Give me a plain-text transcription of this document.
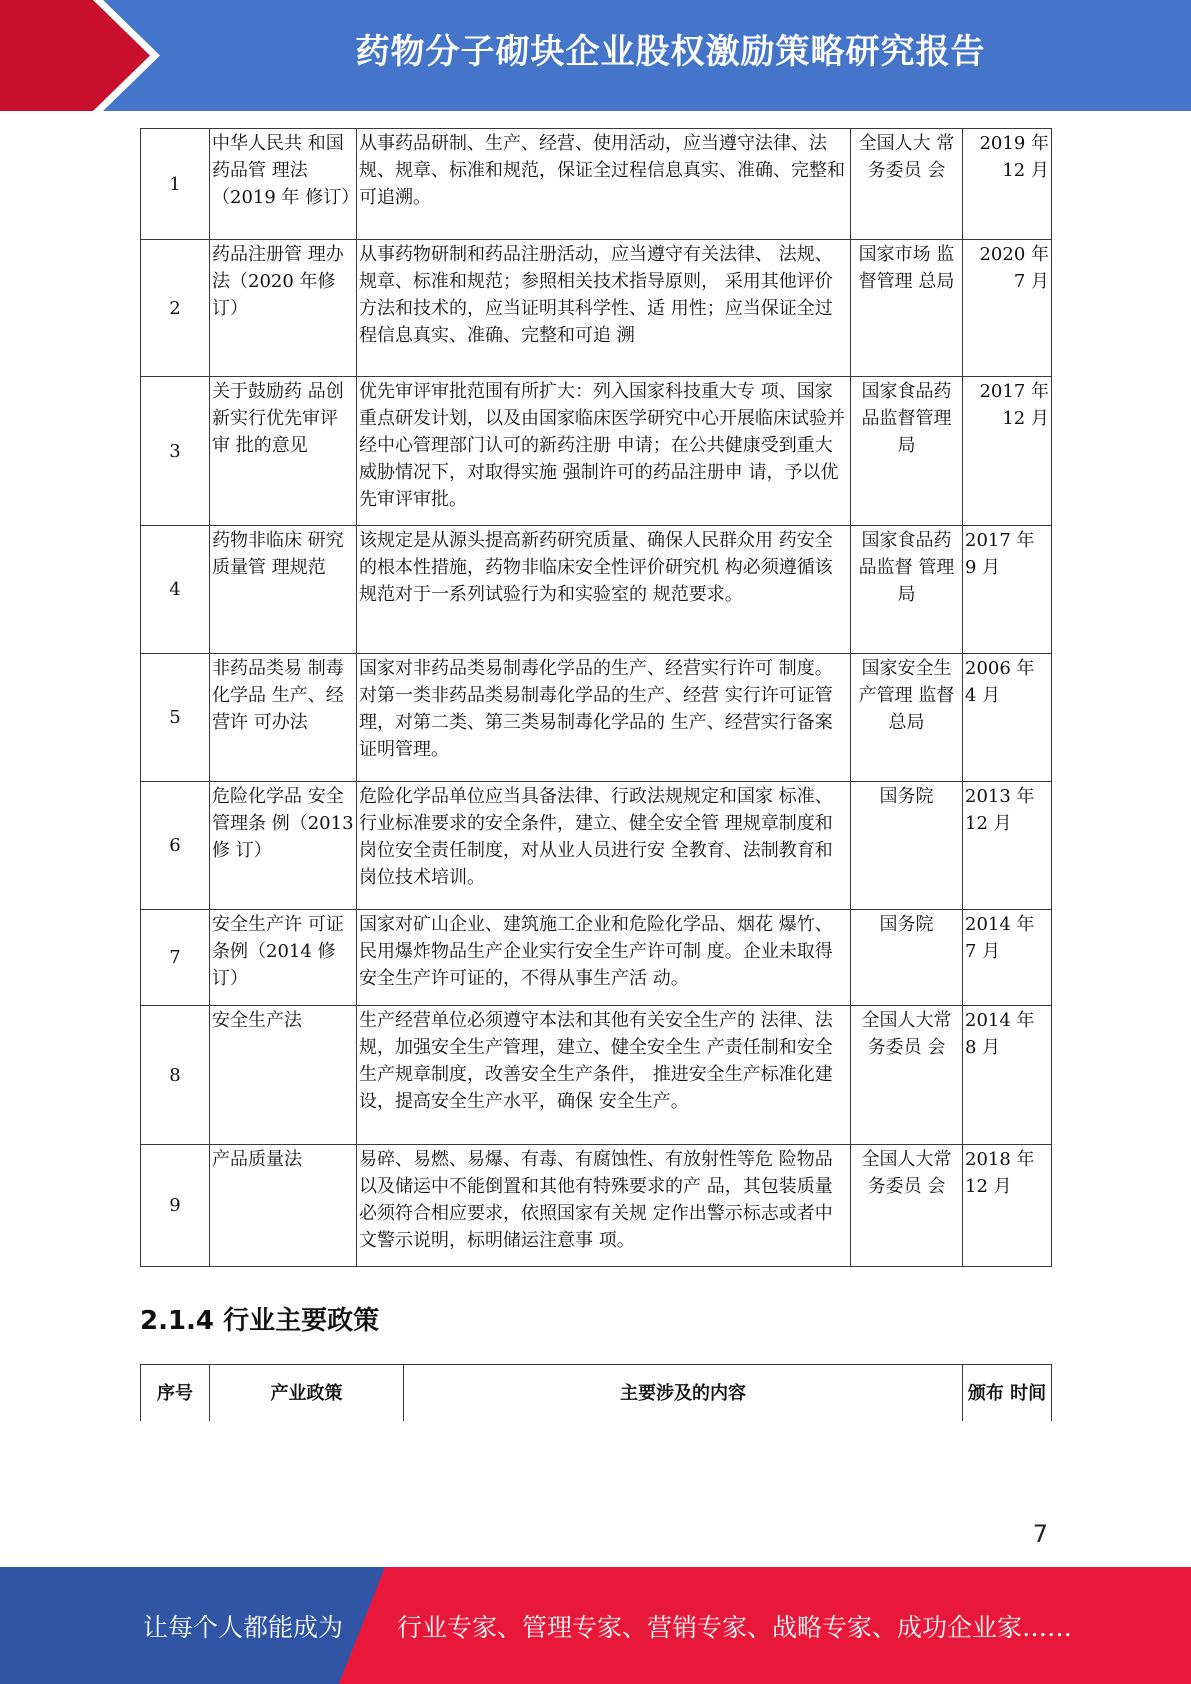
药物分子砌块企业股权激励策略研究报告
1	中华人民共 和国药品管 理法（2019 年 修订）	从事药品研制、生产、经营、使用活动，应当遵守法律、法规、规章、标准和规范，保证全过程信息真实、准确、完整和可追溯。	全国人大 常务委员 会	2019 年 12 月
2	药品注册管 理办法（2020 年修订）	从事药物研制和药品注册活动，应当遵守有关法律、 法规、规章、标准和规范；参照相关技术指导原则， 采用其他评价方法和技术的，应当证明其科学性、适 用性；应当保证全过程信息真实、准确、完整和可追 溯	国家市场 监督管理 总局	2020 年 7 月
3	关于鼓励药 品创新实行优先审评审 批的意见	优先审评审批范围有所扩大：列入国家科技重大专 项、国家重点研发计划，以及由国家临床医学研究中心开展临床试验并经中心管理部门认可的新药注册 申请；在公共健康受到重大威胁情况下，对取得实施 强制许可的药品注册申 请，予以优先审评审批。	国家食品药品监督管理局	2017 年 12 月
4	药物非临床 研究质量管 理规范	该规定是从源头提高新药研究质量、确保人民群众用 药安全的根本性措施，药物非临床安全性评价研究机 构必须遵循该规范对于一系列试验行为和实验室的 规范要求。	国家食品药品监督 管理局	2017 年 9 月
5	非药品类易 制毒化学品 生产、经营许 可办法	国家对非药品类易制毒化学品的生产、经营实行许可 制度。对第一类非药品类易制毒化学品的生产、经营 实行许可证管理，对第二类、第三类易制毒化学品的 生产、经营实行备案证明管理。	国家安全生产管理 监督总局	2006 年 4 月
6	危险化学品 安全管理条 例（2013 修 订）	危险化学品单位应当具备法律、行政法规规定和国家 标准、行业标准要求的安全条件，建立、健全安全管 理规章制度和岗位安全责任制度，对从业人员进行安 全教育、法制教育和岗位技术培训。	国务院	2013 年 12 月
7	安全生产许 可证条例（2014 修订）	国家对矿山企业、建筑施工企业和危险化学品、烟花 爆竹、民用爆炸物品生产企业实行安全生产许可制 度。企业未取得安全生产许可证的，不得从事生产活 动。	国务院	2014 年 7 月
8	安全生产法	生产经营单位必须遵守本法和其他有关安全生产的 法律、法规，加强安全生产管理，建立、健全安全生 产责任制和安全生产规章制度，改善安全生产条件， 推进安全生产标准化建设，提高安全生产水平，确保 安全生产。	全国人大常务委员 会	2014 年 8 月
9	产品质量法	易碎、易燃、易爆、有毒、有腐蚀性、有放射性等危 险物品以及储运中不能倒置和其他有特殊要求的产 品，其包装质量必须符合相应要求，依照国家有关规 定作出警示标志或者中文警示说明，标明储运注意事 项。	全国人大常务委员 会	2018 年 12 月
2.1.4 行业主要政策
序号	产业政策	主要涉及的内容	颁布 时间
7
让每个人都能成为 行业专家、管理专家、营销专家、战略专家、成功企业家……
